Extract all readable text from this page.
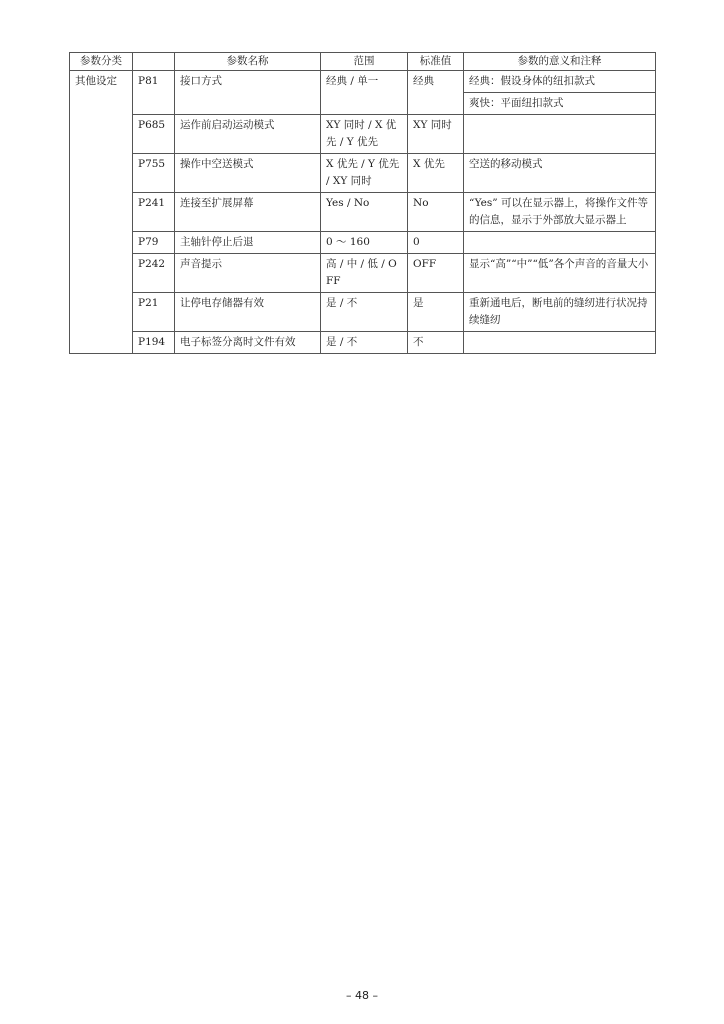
参数分类		参数名称	范围	标准值	参数的意义和注释
其他设定	P81	接口方式	经典 / 单一	经典	经典：假设身体的纽扣款式
					爽快：平面纽扣款式
	P685	运作前启动运动模式	XY 同时 / X 优先 / Y 优先	XY 同时	
	P755	操作中空送模式	X 优先 / Y 优先 / XY 同时	X 优先	空送的移动模式
	P241	连接至扩展屏幕	Yes / No	No	“Yes” 可以在显示器上，将操作文件等的信息，显示于外部放大显示器上
	P79	主轴针停止后退	0 ～ 160	0	
	P242	声音提示	高 / 中 / 低 / OFF	OFF	显示“高”“中”“低”各个声音的音量大小
	P21	让停电存储器有效	是 / 不	是	重新通电后，断电前的缝纫进行状况持续缝纫
	P194	电子标签分离时文件有效	是 / 不	不	
– 48 –
